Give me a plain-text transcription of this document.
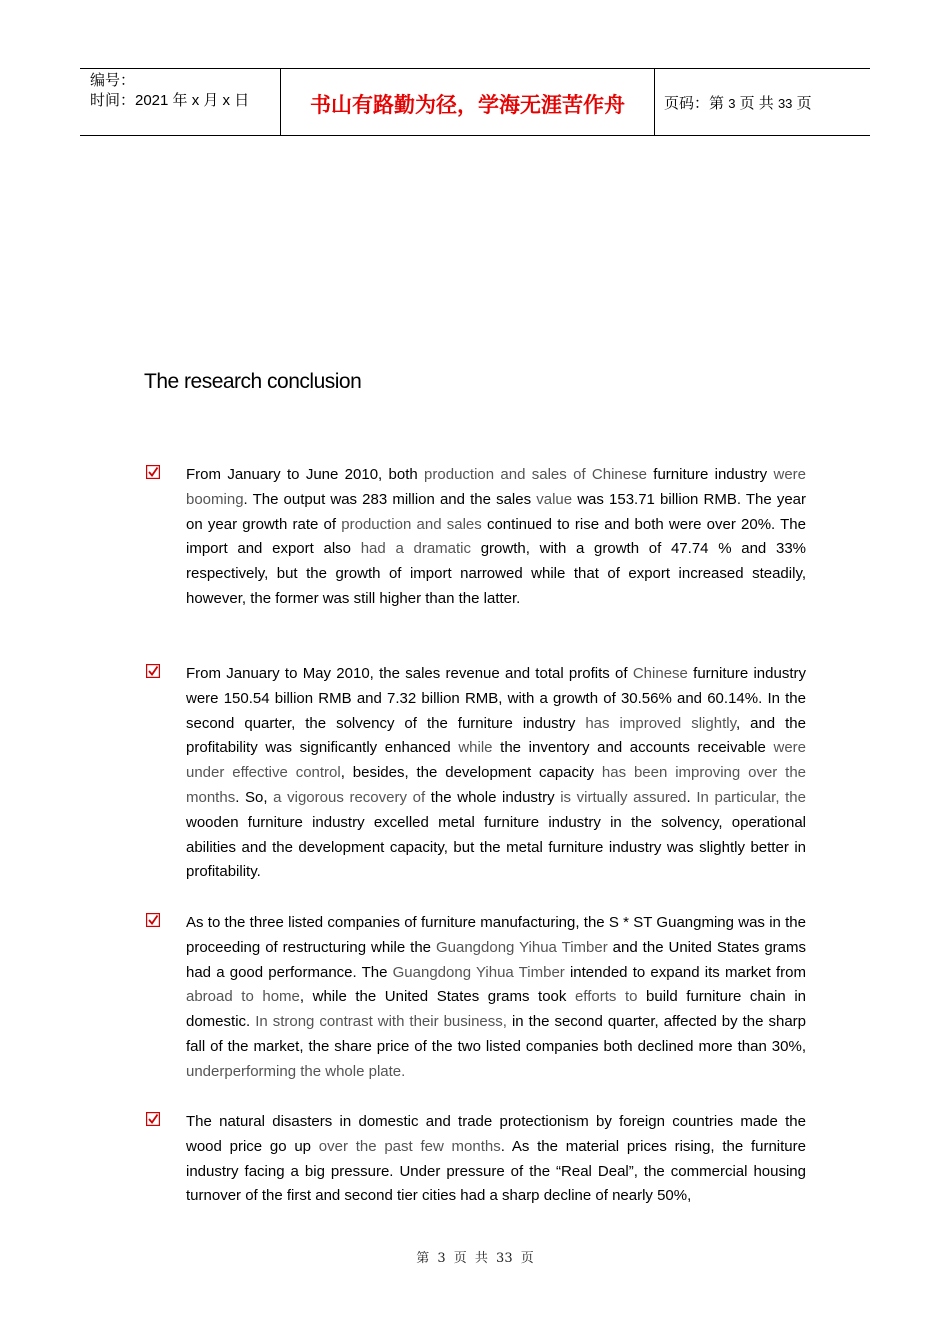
编号：
时间：2021 年 x 月 x 日	书山有路勤为径，学海无涯苦作舟	页码：第 3 页 共 33 页
The research conclusion
From January to June 2010, both production and sales of Chinese furniture industry were booming. The output was 283 million and the sales value was 153.71 billion RMB. The year on year growth rate of production and sales continued to rise and both were over 20%. The import and export also had a dramatic growth, with a growth of 47.74 % and 33% respectively, but the growth of import narrowed while that of export increased steadily, however, the former was still higher than the latter.
From January to May 2010, the sales revenue and total profits of Chinese furniture industry were 150.54 billion RMB and 7.32 billion RMB, with a growth of 30.56% and 60.14%. In the second quarter, the solvency of the furniture industry has improved slightly, and the profitability was significantly enhanced while the inventory and accounts receivable were under effective control, besides, the development capacity has been improving over the months. So, a vigorous recovery of the whole industry is virtually assured. In particular, the wooden furniture industry excelled metal furniture industry in the solvency, operational abilities and the development capacity, but the metal furniture industry was slightly better in profitability.
As to the three listed companies of furniture manufacturing, the S * ST Guangming was in the proceeding of restructuring while the Guangdong Yihua Timber and the United States grams had a good performance. The Guangdong Yihua Timber intended to expand its market from abroad to home, while the United States grams took efforts to build furniture chain in domestic. In strong contrast with their business, in the second quarter, affected by the sharp fall of the market, the share price of the two listed companies both declined more than 30%, underperforming the whole plate.
The natural disasters in domestic and trade protectionism by foreign countries made the wood price go up over the past few months. As the material prices rising, the furniture industry facing a big pressure. Under pressure of the “Real Deal”, the commercial housing turnover of the first and second tier cities had a sharp decline of nearly 50%,
第 3 页 共 33 页
